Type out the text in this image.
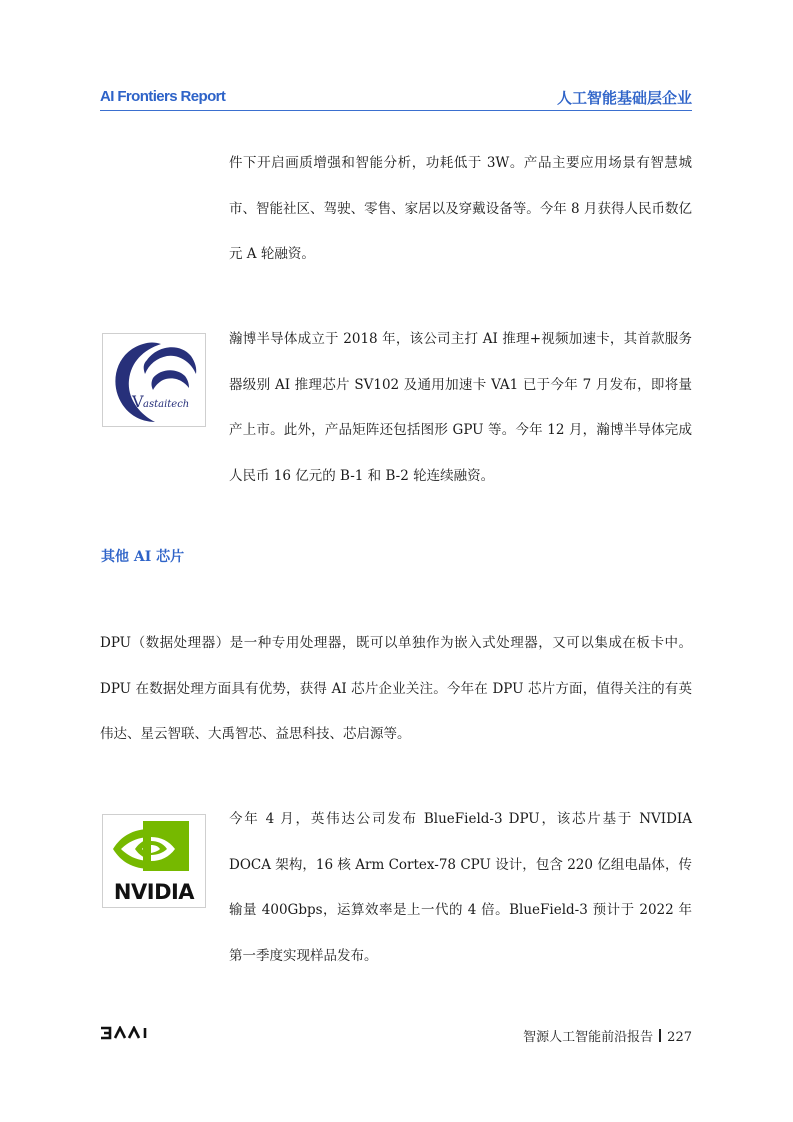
AI Frontiers Report	人工智能基础层企业
件下开启画质增强和智能分析，功耗低于 3W。产品主要应用场景有智慧城市、智能社区、驾驶、零售、家居以及穿戴设备等。今年 8 月获得人民币数亿元 A 轮融资。
V astaitech
瀚博半导体成立于 2018 年，该公司主打 AI 推理+视频加速卡，其首款服务器级别 AI 推理芯片 SV102 及通用加速卡 VA1 已于今年 7 月发布，即将量产上市。此外，产品矩阵还包括图形 GPU 等。今年 12 月，瀚博半导体完成人民币 16 亿元的 B-1 和 B-2 轮连续融资。
其他 AI 芯片
DPU（数据处理器）是一种专用处理器，既可以单独作为嵌入式处理器，又可以集成在板卡中。DPU 在数据处理方面具有优势，获得 AI 芯片企业关注。今年在 DPU 芯片方面，值得关注的有英伟达、星云智联、大禹智芯、益思科技、芯启源等。
NVIDIA
今年 4 月，英伟达公司发布 BlueField-3 DPU，该芯片基于 NVIDIA DOCA 架构，16 核 Arm Cortex-78 CPU 设计，包含 220 亿组电晶体，传输量 400Gbps，运算效率是上一代的 4 倍。BlueField-3 预计于 2022 年第一季度实现样品发布。
智源人工智能前沿报告 227
